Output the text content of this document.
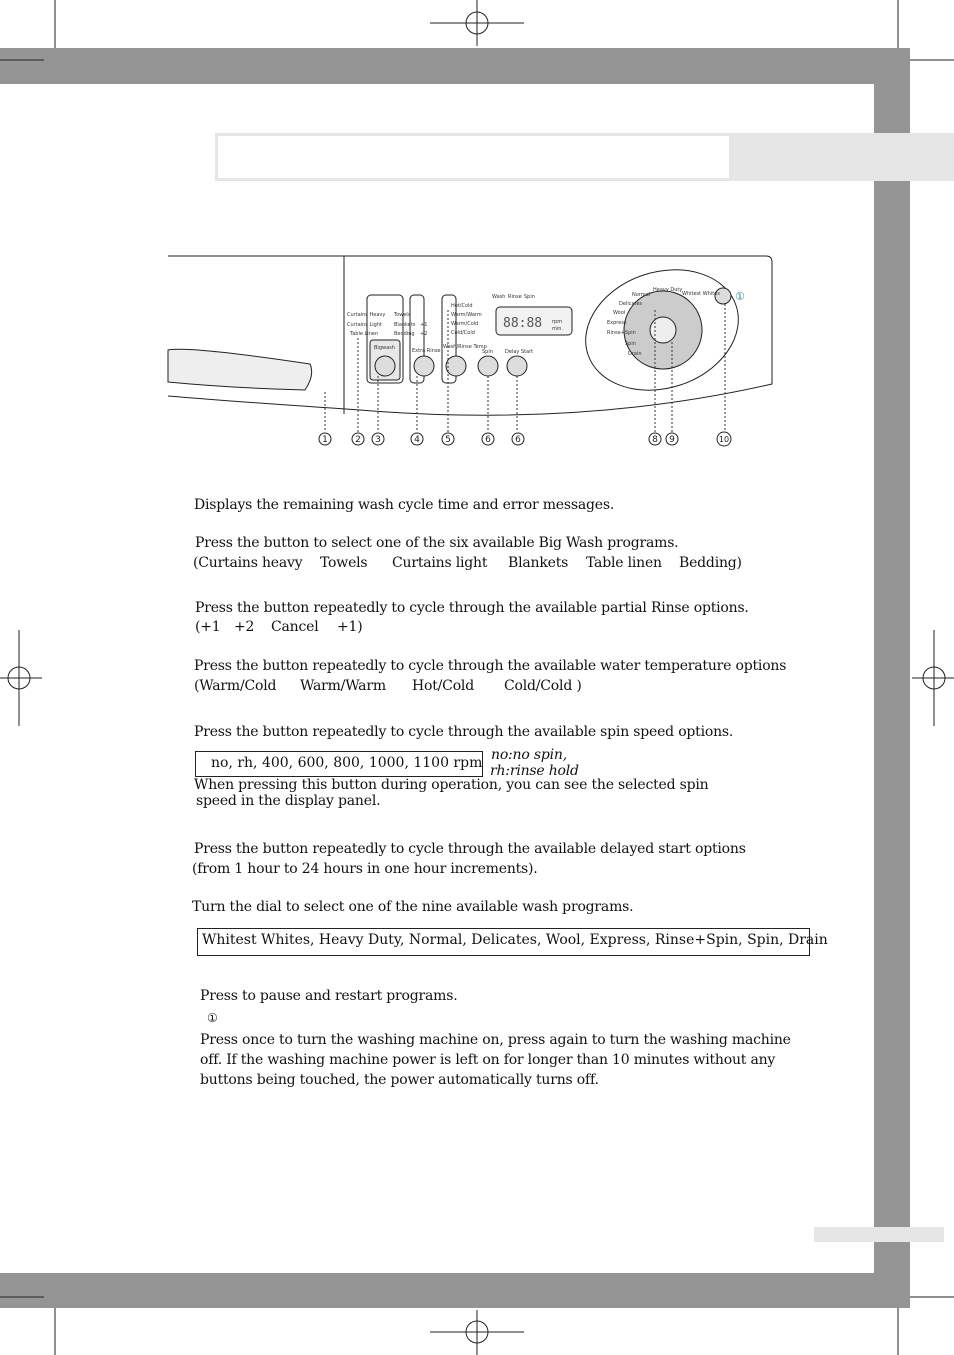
Curtains Heavy
Curtains Light
Table Linen
Towels
Blankets
Bedding
+1
+2
Hot/Cold
Warm/Warm
Warm/Cold
Cold/Cold
Bigwash	Extra Rinse
Wash/Rinse Temp
Spin Delay Start
Wash Rinse Spin
88:88 rpm
min.
Heavy Duty
Whitest Whites
Normal
Delicates
Wool
Express
Rinse+Spin
Spin
Drain
①
1	2 3	4	5	6	6	8 9	10
Displays the remaining wash cycle time and error messages.
Press the button to select one of the six available Big Wash programs.
(Curtains heavy Towels Curtains light Blankets Table linen Bedding)
Press the button repeatedly to cycle through the available partial Rinse options.
(+1 +2 Cancel +1)
Press the button repeatedly to cycle through the available water temperature options
(Warm/Cold Warm/Warm Hot/Cold Cold/Cold )
Press the button repeatedly to cycle through the available spin speed options.
no, rh, 400, 600, 800, 1000, 1100 rpm no:no spin,
rh:rinse hold
When pressing this button during operation, you can see the selected spin
speed in the display panel.
Press the button repeatedly to cycle through the available delayed start options
(from 1 hour to 24 hours in one hour increments).
Turn the dial to select one of the nine available wash programs.
Whitest Whites, Heavy Duty, Normal, Delicates, Wool, Express, Rinse+Spin, Spin, Drain
Press to pause and restart programs.
①
Press once to turn the washing machine on, press again to turn the washing machine
off. If the washing machine power is left on for longer than 10 minutes without any
buttons being touched, the power automatically turns off.
